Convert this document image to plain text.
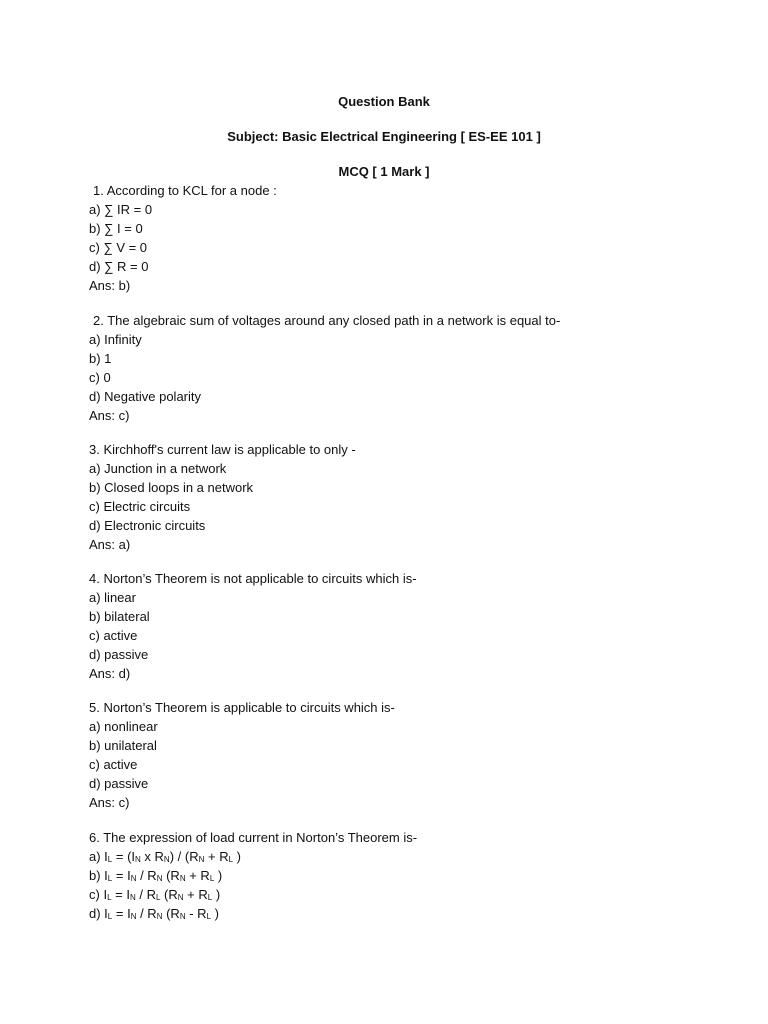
Question Bank
Subject: Basic Electrical Engineering [ ES-EE 101 ]
MCQ [ 1 Mark ]
1. According to KCL for a node :
a) ∑ IR = 0
b) ∑ I = 0
c) ∑ V = 0
d) ∑ R = 0
Ans: b)
2. The algebraic sum of voltages around any closed path in a network is equal to-
a) Infinity
b) 1
c) 0
d) Negative polarity
Ans: c)
3. Kirchhoff's current law is applicable to only -
a) Junction in a network
b) Closed loops in a network
c) Electric circuits
d) Electronic circuits
Ans: a)
4. Norton’s Theorem is not applicable to circuits which is-
a) linear
b) bilateral
c) active
d) passive
Ans: d)
5. Norton’s Theorem is applicable to circuits which is-
a) nonlinear
b) unilateral
c) active
d) passive
Ans: c)
6. The expression of load current in Norton’s Theorem is-
a) IL = (IN x RN) / (RN + RL )
b) IL = IN / RN (RN + RL )
c) IL = IN / RL (RN + RL )
d) IL = IN / RN (RN - RL )
